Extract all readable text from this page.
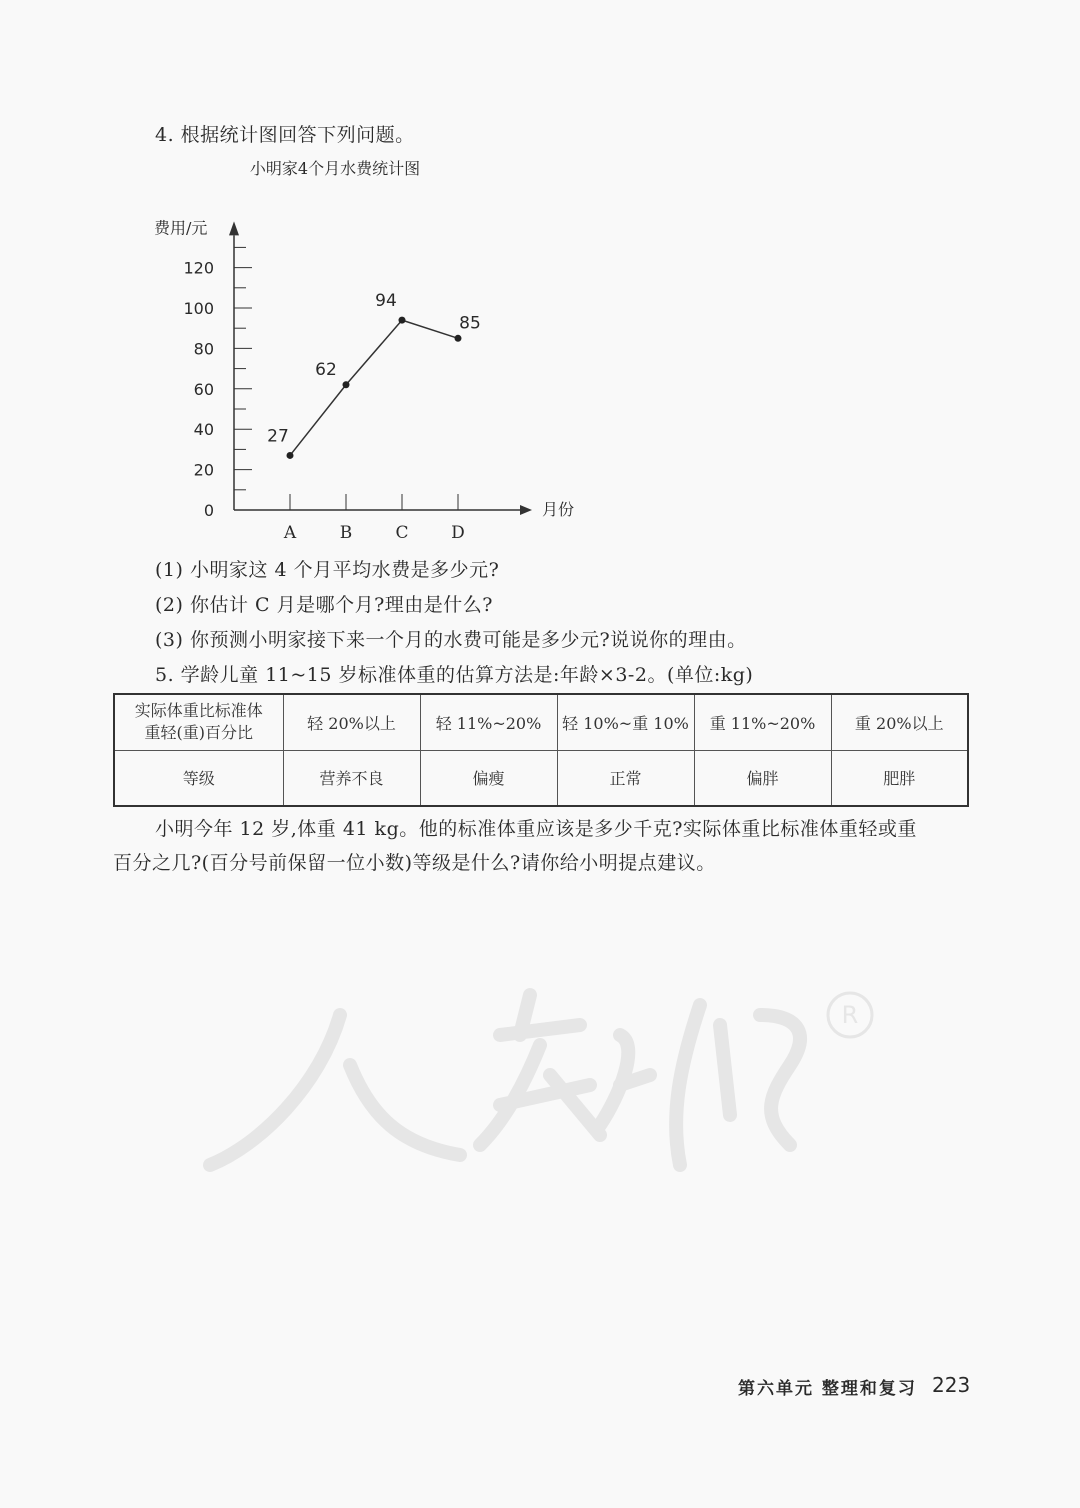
4. 根据统计图回答下列问题。
小明家4个月水费统计图
费用/元
月份
0
20
40
60
80
100
120
A	B	C	D
27
62
94
85
(1) 小明家这 4 个月平均水费是多少元?
(2) 你估计 C 月是哪个月?理由是什么?
(3) 你预测小明家接下来一个月的水费可能是多少元?说说你的理由。
5. 学龄儿童 11~15 岁标准体重的估算方法是:年龄×3-2。(单位:kg)
实际体重比标准体
重轻(重)百分比	轻 20%以上	轻 11%~20%	轻 10%~重 10%	重 11%~20%	重 20%以上
等级	营养不良	偏瘦	正常	偏胖	肥胖
小明今年 12 岁,体重 41 kg。他的标准体重应该是多少千克?实际体重比标准体重轻或重
百分之几?(百分号前保留一位小数)等级是什么?请你给小明提点建议。
R
第六单元 整理和复习 223
